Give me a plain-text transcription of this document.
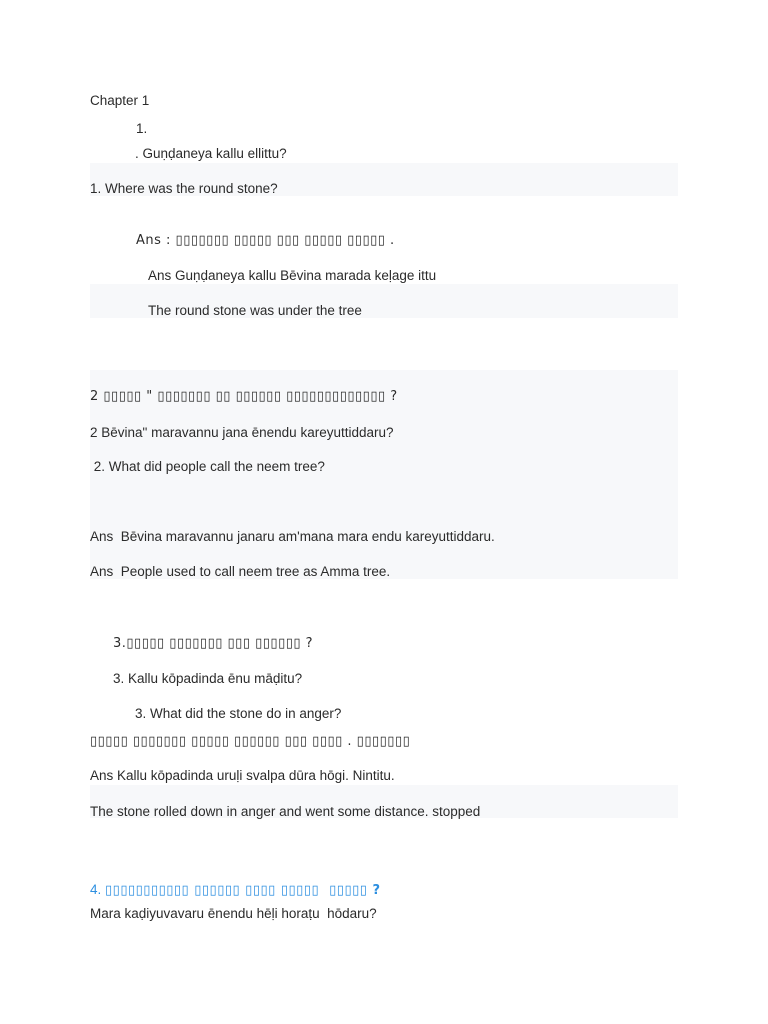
Chapter 1
1.
. Guṇḍaneya kallu ellittu?
1. Where was the round stone?
Ans : ▯▯▯▯▯▯▯ ▯▯▯▯▯ ▯▯▯ ▯▯▯▯▯ ▯▯▯▯▯ .
Ans Guṇḍaneya kallu Bēvina marada keḷage ittu
The round stone was under the tree
2 ▯▯▯▯▯ " ▯▯▯▯▯▯▯ ▯▯ ▯▯▯▯▯▯ ▯▯▯▯▯▯▯▯▯▯▯▯▯ ?
2 Bēvina" maravannu jana ēnendu kareyuttiddaru?
2. What did people call the neem tree?
Ans  Bēvina maravannu janaru am'mana mara endu kareyuttiddaru.
Ans  People used to call neem tree as Amma tree.
3.▯▯▯▯▯ ▯▯▯▯▯▯▯ ▯▯▯ ▯▯▯▯▯▯ ?
3. Kallu kōpadinda ēnu māḍitu?
3. What did the stone do in anger?
▯▯▯▯▯ ▯▯▯▯▯▯▯ ▯▯▯▯▯ ▯▯▯▯▯▯ ▯▯▯ ▯▯▯▯ . ▯▯▯▯▯▯▯
Ans Kallu kōpadinda uruḷi svalpa dūra hōgi. Nintitu.
The stone rolled down in anger and went some distance. stopped
4. ▯▯▯▯▯▯▯▯▯▯▯ ▯▯▯▯▯▯ ▯▯▯▯ ▯▯▯▯▯  ▯▯▯▯▯ ?
Mara kaḍiyuvavaru ēnendu hēḷi horaṭu  hōdaru?
